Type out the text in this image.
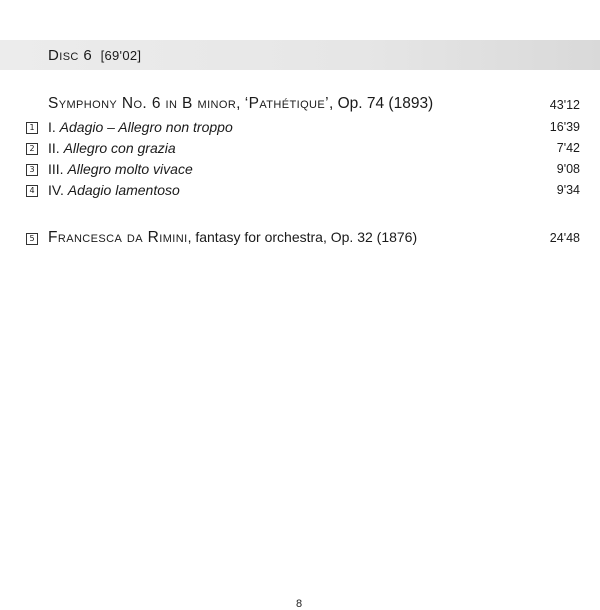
Disc 6 [69'02]
Symphony No. 6 in B minor, ‘Pathétique’, Op. 74 (1893)	43'12
1 I. Adagio – Allegro non troppo	16'39
2 II. Allegro con grazia	7'42
3 III. Allegro molto vivace	9'08
4 IV. Adagio lamentoso	9'34
5 Francesca da Rimini, fantasy for orchestra, Op. 32 (1876)	24'48
8
